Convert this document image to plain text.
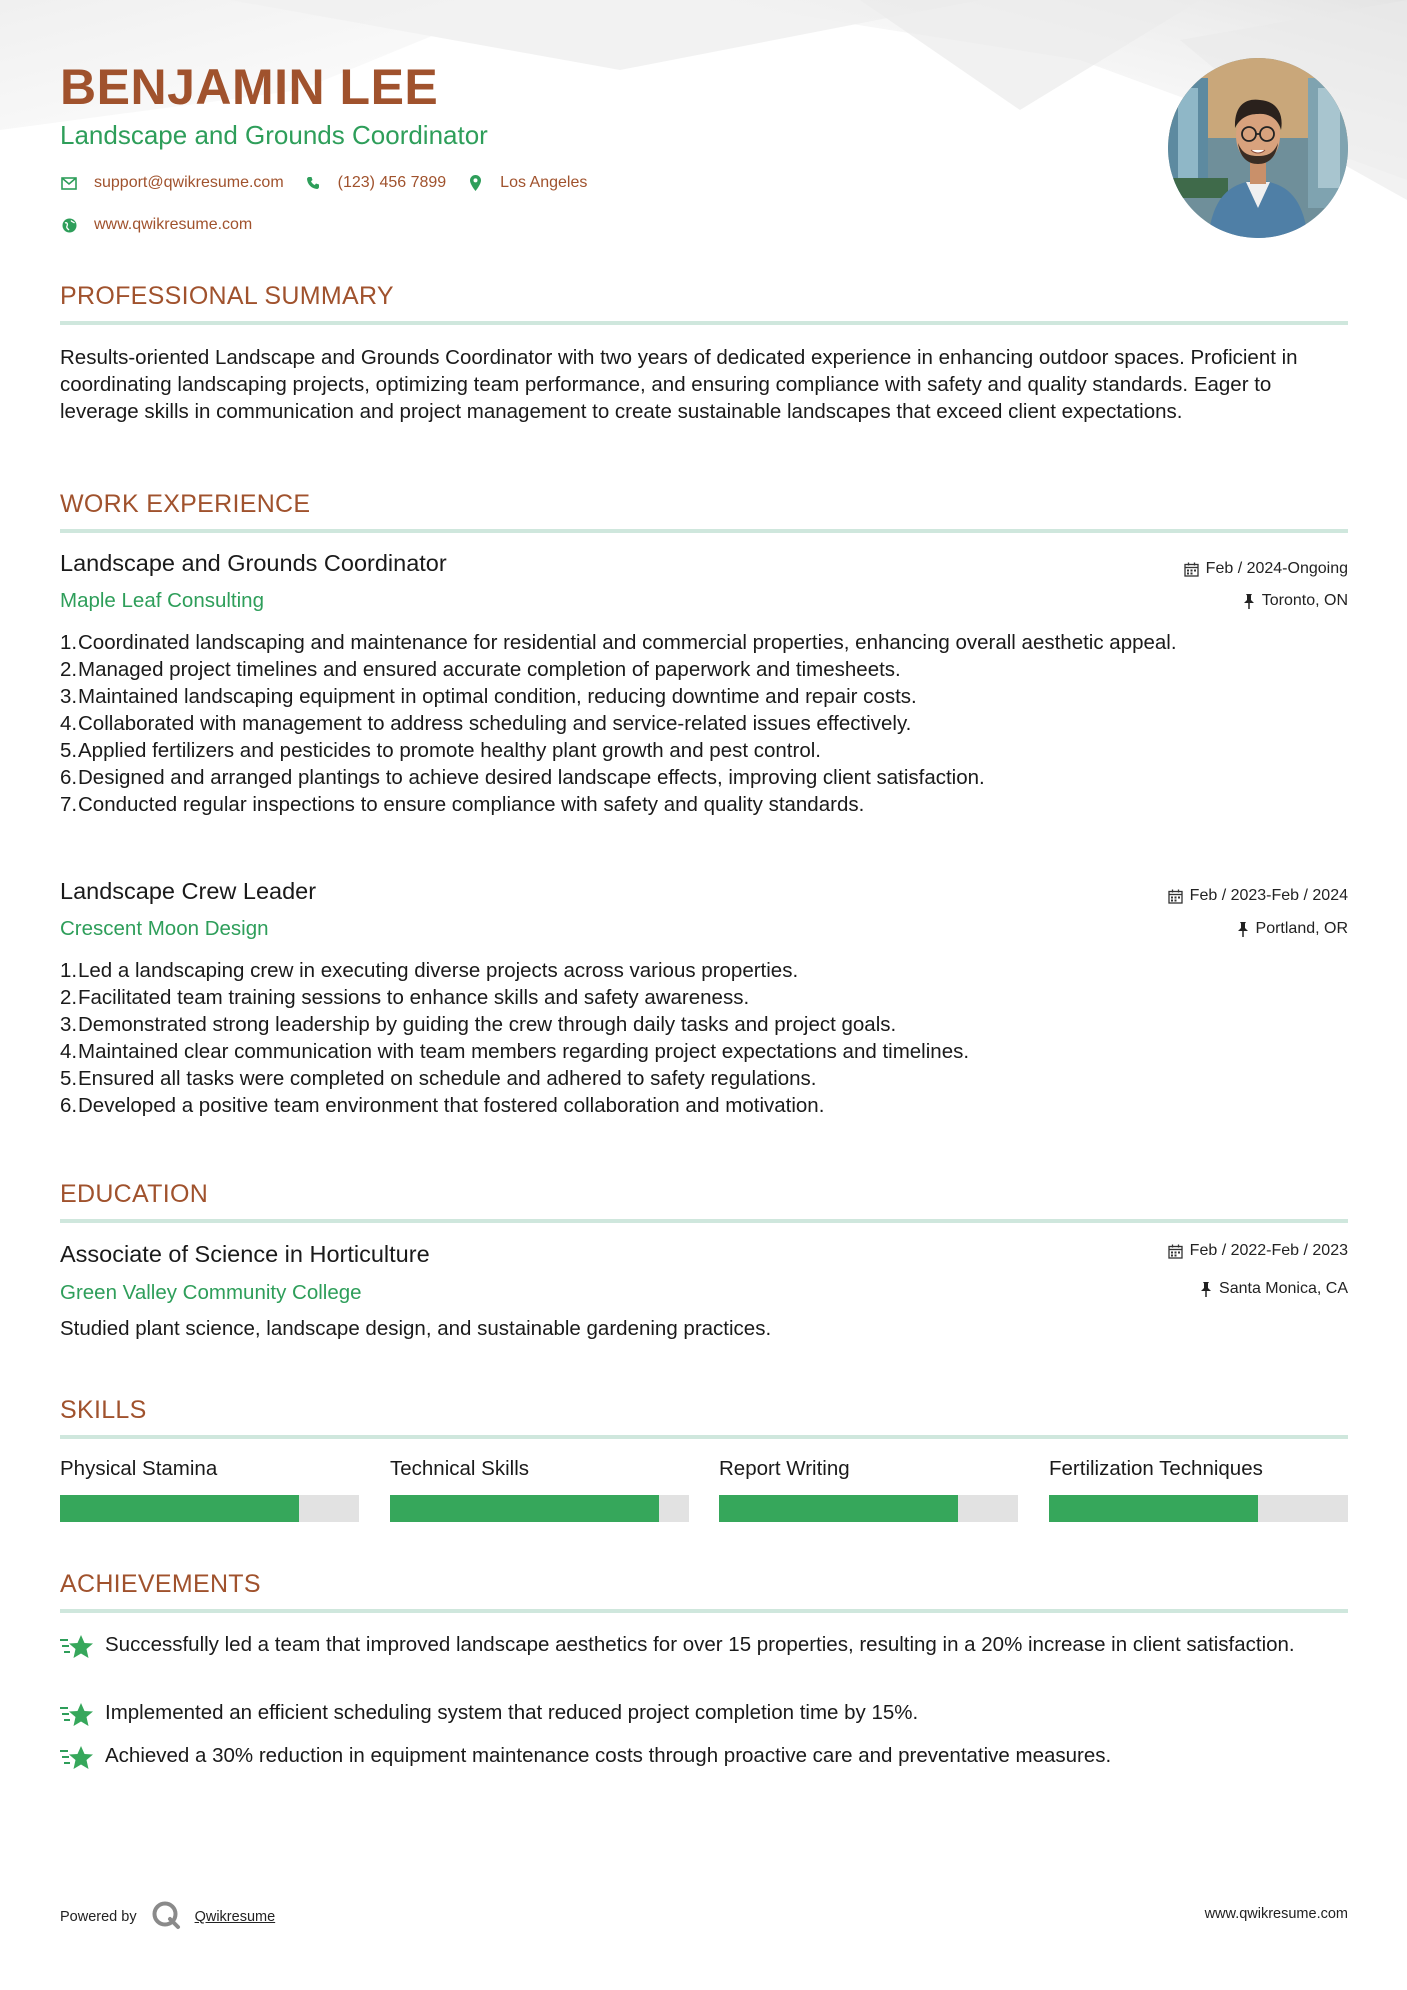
BENJAMIN LEE
Landscape and Grounds Coordinator
support@qwikresume.com	(123) 456 7899	Los Angeles
www.qwikresume.com
PROFESSIONAL SUMMARY
Results-oriented Landscape and Grounds Coordinator with two years of dedicated experience in enhancing outdoor spaces. Proficient in coordinating landscaping projects, optimizing team performance, and ensuring compliance with safety and quality standards. Eager to leverage skills in communication and project management to create sustainable landscapes that exceed client expectations.
WORK EXPERIENCE
Landscape and Grounds Coordinator
Maple Leaf Consulting
Feb / 2024-Ongoing
Toronto, ON
1. Coordinated landscaping and maintenance for residential and commercial properties, enhancing overall aesthetic appeal.
2. Managed project timelines and ensured accurate completion of paperwork and timesheets.
3. Maintained landscaping equipment in optimal condition, reducing downtime and repair costs.
4. Collaborated with management to address scheduling and service-related issues effectively.
5. Applied fertilizers and pesticides to promote healthy plant growth and pest control.
6. Designed and arranged plantings to achieve desired landscape effects, improving client satisfaction.
7. Conducted regular inspections to ensure compliance with safety and quality standards.
Landscape Crew Leader
Crescent Moon Design
Feb / 2023-Feb / 2024
Portland, OR
1. Led a landscaping crew in executing diverse projects across various properties.
2. Facilitated team training sessions to enhance skills and safety awareness.
3. Demonstrated strong leadership by guiding the crew through daily tasks and project goals.
4. Maintained clear communication with team members regarding project expectations and timelines.
5. Ensured all tasks were completed on schedule and adhered to safety regulations.
6. Developed a positive team environment that fostered collaboration and motivation.
EDUCATION
Associate of Science in Horticulture
Green Valley Community College
Feb / 2022-Feb / 2023
Santa Monica, CA
Studied plant science, landscape design, and sustainable gardening practices.
SKILLS
Physical Stamina	Technical Skills	Report Writing	Fertilization Techniques
ACHIEVEMENTS
Successfully led a team that improved landscape aesthetics for over 15 properties, resulting in a 20% increase in client satisfaction.
Implemented an efficient scheduling system that reduced project completion time by 15%.
Achieved a 30% reduction in equipment maintenance costs through proactive care and preventative measures.
Powered by	Qwikresume	www.qwikresume.com
